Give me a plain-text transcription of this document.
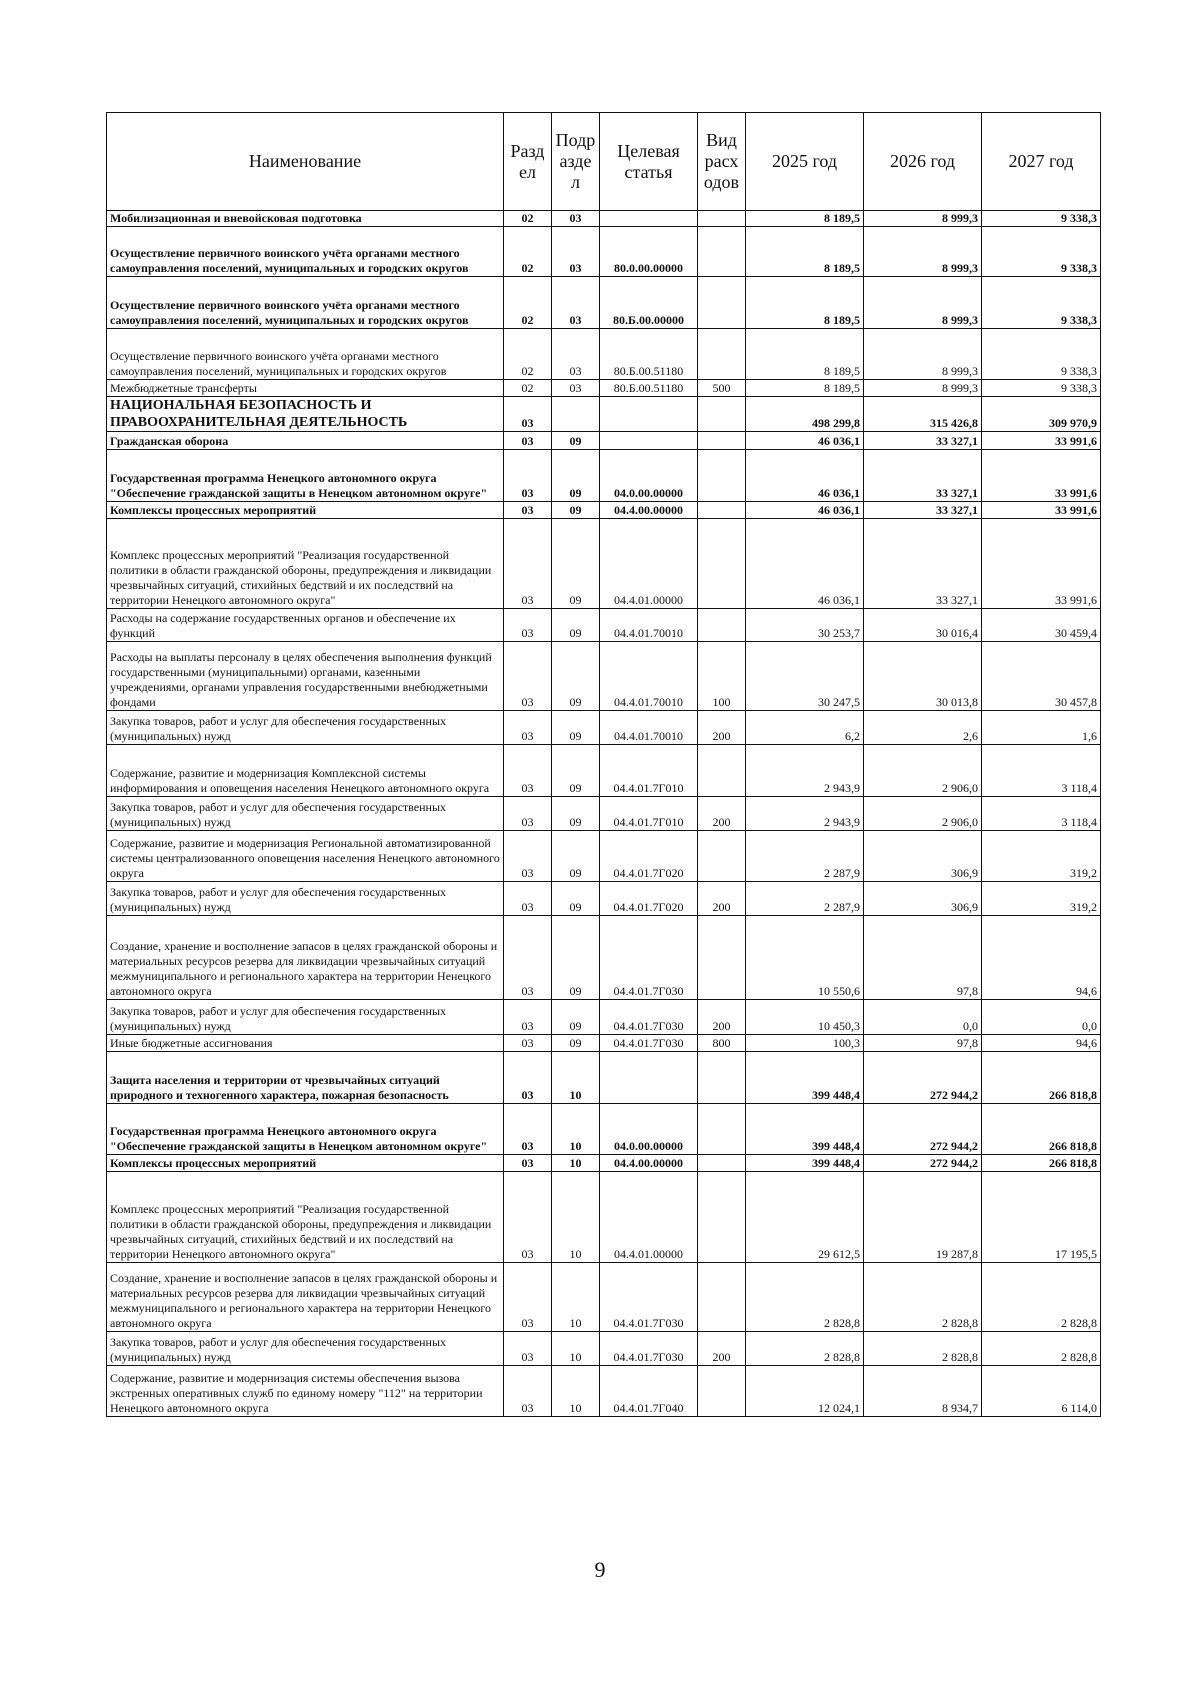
Наименование	Разд ел	Подр азде л	Целевая статья	Вид расх одов	2025 год	2026 год	2027 год
Мобилизационная и вневойсковая подготовка	02	03			8 189,5	8 999,3	9 338,3
Осуществление первичного воинского учёта органами местного самоуправления поселений, муниципальных и городских округов	02	03	80.0.00.00000		8 189,5	8 999,3	9 338,3
Осуществление первичного воинского учёта органами местного самоуправления поселений, муниципальных и городских округов	02	03	80.Б.00.00000		8 189,5	8 999,3	9 338,3
Осуществление первичного воинского учёта органами местного самоуправления поселений, муниципальных и городских округов	02	03	80.Б.00.51180		8 189,5	8 999,3	9 338,3
Межбюджетные трансферты	02	03	80.Б.00.51180	500	8 189,5	8 999,3	9 338,3
НАЦИОНАЛЬНАЯ БЕЗОПАСНОСТЬ И ПРАВООХРАНИТЕЛЬНАЯ ДЕЯТЕЛЬНОСТЬ	03				498 299,8	315 426,8	309 970,9
Гражданская оборона	03	09			46 036,1	33 327,1	33 991,6
Государственная программа Ненецкого автономного округа "Обеспечение гражданской защиты в Ненецком автономном округе"	03	09	04.0.00.00000		46 036,1	33 327,1	33 991,6
Комплексы процессных мероприятий	03	09	04.4.00.00000		46 036,1	33 327,1	33 991,6
Комплекс процессных мероприятий "Реализация государственной политики в области гражданской обороны, предупреждения и ликвидации чрезвычайных ситуаций, стихийных бедствий и их последствий на территории Ненецкого автономного округа"	03	09	04.4.01.00000		46 036,1	33 327,1	33 991,6
Расходы на содержание государственных органов и обеспечение их функций	03	09	04.4.01.70010		30 253,7	30 016,4	30 459,4
Расходы на выплаты персоналу в целях обеспечения выполнения функций государственными (муниципальными) органами, казенными учреждениями, органами управления государственными внебюджетными фондами	03	09	04.4.01.70010	100	30 247,5	30 013,8	30 457,8
Закупка товаров, работ и услуг для обеспечения государственных (муниципальных) нужд	03	09	04.4.01.70010	200	6,2	2,6	1,6
Содержание, развитие и модернизация Комплексной системы информирования и оповещения населения Ненецкого автономного округа	03	09	04.4.01.7Г010		2 943,9	2 906,0	3 118,4
Закупка товаров, работ и услуг для обеспечения государственных (муниципальных) нужд	03	09	04.4.01.7Г010	200	2 943,9	2 906,0	3 118,4
Содержание, развитие и модернизация Региональной автоматизированной системы централизованного оповещения населения Ненецкого автономного округа	03	09	04.4.01.7Г020		2 287,9	306,9	319,2
Закупка товаров, работ и услуг для обеспечения государственных (муниципальных) нужд	03	09	04.4.01.7Г020	200	2 287,9	306,9	319,2
Создание, хранение и восполнение запасов в целях гражданской обороны и материальных ресурсов резерва для ликвидации чрезвычайных ситуаций межмуниципального и регионального характера на территории Ненецкого автономного округа	03	09	04.4.01.7Г030		10 550,6	97,8	94,6
Закупка товаров, работ и услуг для обеспечения государственных (муниципальных) нужд	03	09	04.4.01.7Г030	200	10 450,3	0,0	0,0
Иные бюджетные ассигнования	03	09	04.4.01.7Г030	800	100,3	97,8	94,6
Защита населения и территории от чрезвычайных ситуаций природного и техногенного характера, пожарная безопасность	03	10			399 448,4	272 944,2	266 818,8
Государственная программа Ненецкого автономного округа "Обеспечение гражданской защиты в Ненецком автономном округе"	03	10	04.0.00.00000		399 448,4	272 944,2	266 818,8
Комплексы процессных мероприятий	03	10	04.4.00.00000		399 448,4	272 944,2	266 818,8
Комплекс процессных мероприятий "Реализация государственной политики в области гражданской обороны, предупреждения и ликвидации чрезвычайных ситуаций, стихийных бедствий и их последствий на территории Ненецкого автономного округа"	03	10	04.4.01.00000		29 612,5	19 287,8	17 195,5
Создание, хранение и восполнение запасов в целях гражданской обороны и материальных ресурсов резерва для ликвидации чрезвычайных ситуаций межмуниципального и регионального характера на территории Ненецкого автономного округа	03	10	04.4.01.7Г030		2 828,8	2 828,8	2 828,8
Закупка товаров, работ и услуг для обеспечения государственных (муниципальных) нужд	03	10	04.4.01.7Г030	200	2 828,8	2 828,8	2 828,8
Содержание, развитие и модернизация системы обеспечения вызова экстренных оперативных служб по единому номеру "112" на территории Ненецкого автономного округа	03	10	04.4.01.7Г040		12 024,1	8 934,7	6 114,0
9
